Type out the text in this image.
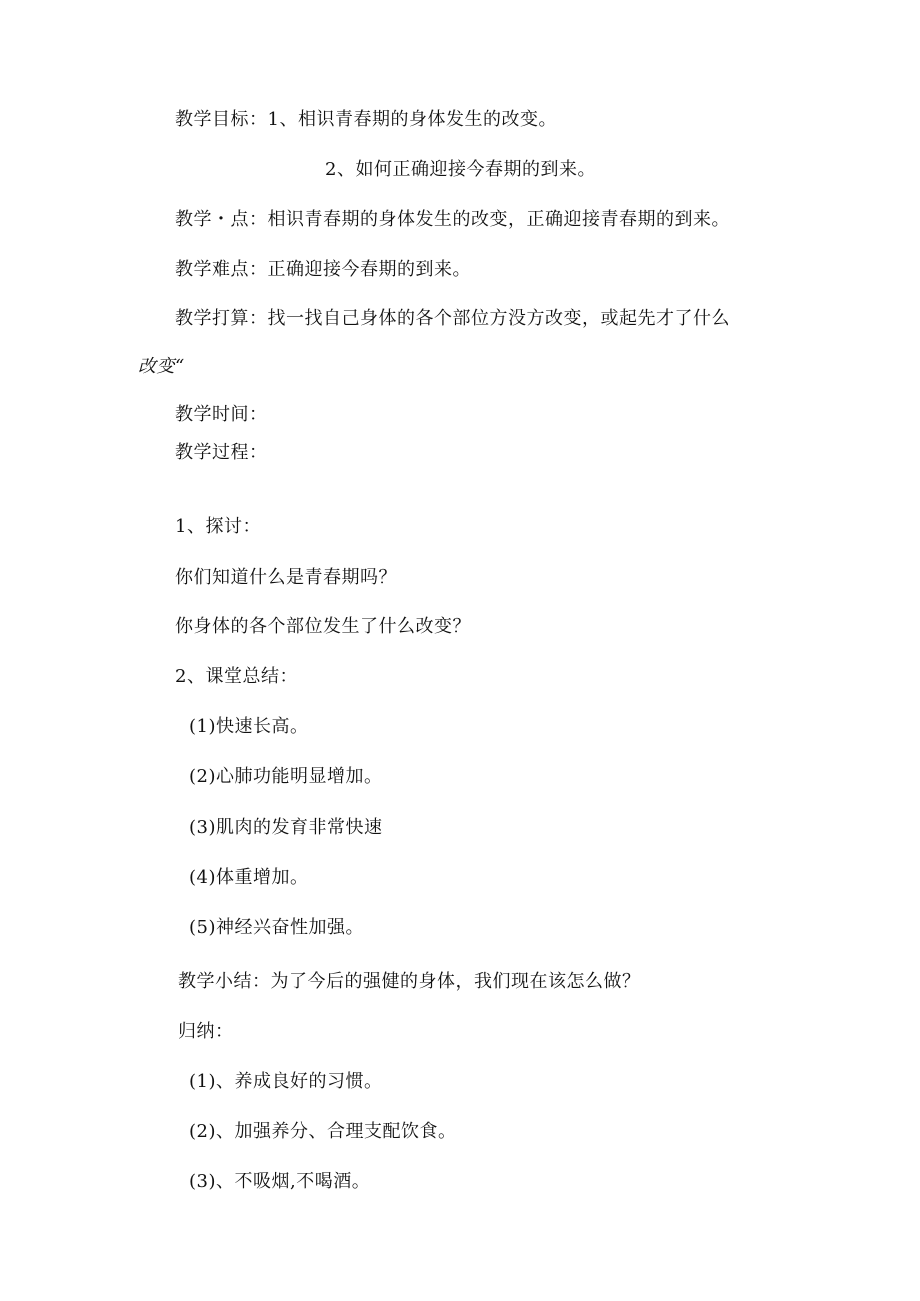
教学目标：1、相识青春期的身体发生的改变。
2、如何正确迎接今春期的到来。
教学・点：相识青春期的身体发生的改变，正确迎接青春期的到来。
教学难点：正确迎接今春期的到来。
教学打算：找一找自己身体的各个部位方没方改变，或起先才了什么
改变“
教学时间：
教学过程：
1、探讨：
你们知道什么是青春期吗？
你身体的各个部位发生了什么改变？
2、课堂总结：
(1)快速长高。
(2)心肺功能明显增加。
(3)肌肉的发育非常快速
(4)体重增加。
(5)神经兴奋性加强。
教学小结：为了今后的强健的身体，我们现在该怎么做？
归纳：
(1)、养成良好的习惯。
(2)、加强养分、合理支配饮食。
(3)、不吸烟,不喝酒。
